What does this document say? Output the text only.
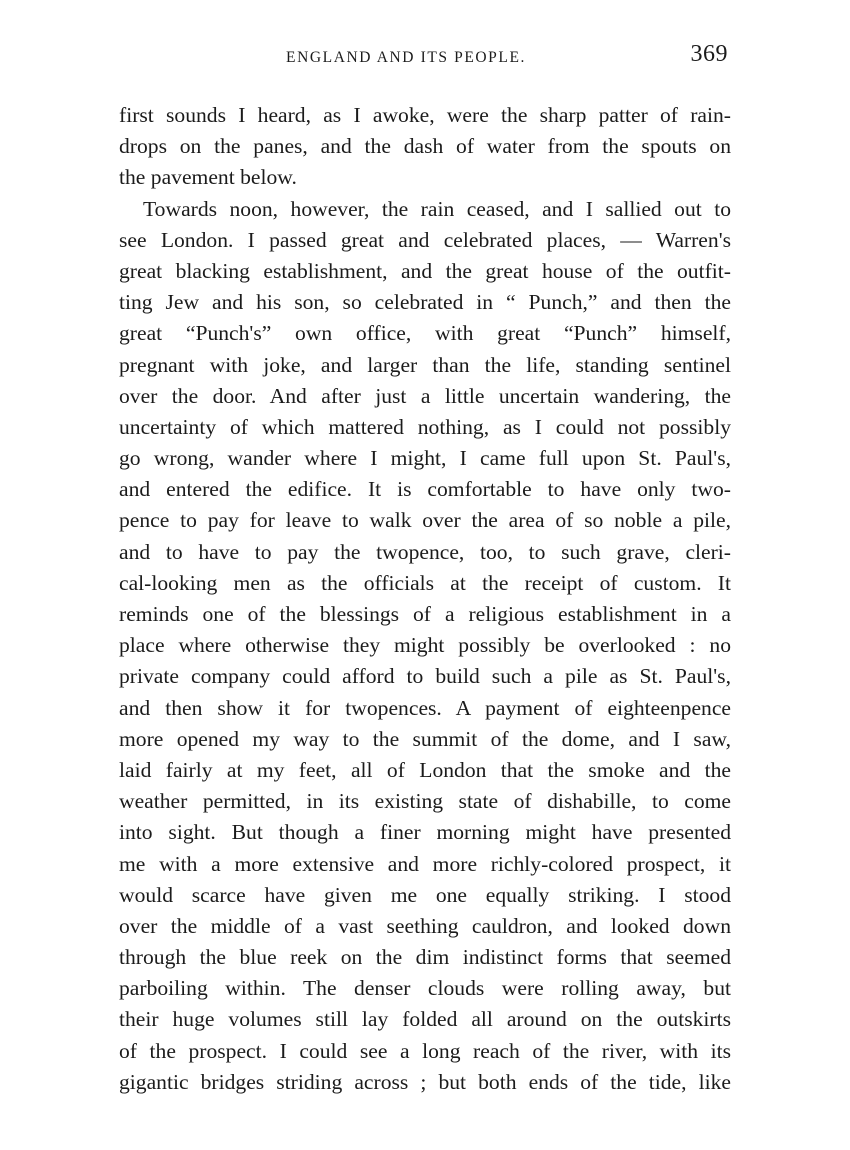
ENGLAND AND ITS PEOPLE.	369

first sounds I heard, as I awoke, were the sharp patter of rain-
drops on the panes, and the dash of water from the spouts on
the pavement below.

Towards noon, however, the rain ceased, and I sallied out to
see London. I passed great and celebrated places, — Warren's
great blacking establishment, and the great house of the outfit-
ting Jew and his son, so celebrated in “ Punch,” and then the
great “Punch's” own office, with great “Punch” himself,
pregnant with joke, and larger than the life, standing sentinel
over the door. And after just a little uncertain wandering, the
uncertainty of which mattered nothing, as I could not possibly
go wrong, wander where I might, I came full upon St. Paul's,
and entered the edifice. It is comfortable to have only two-
pence to pay for leave to walk over the area of so noble a pile,
and to have to pay the twopence, too, to such grave, cleri-
cal-looking men as the officials at the receipt of custom. It
reminds one of the blessings of a religious establishment in a
place where otherwise they might possibly be overlooked : no
private company could afford to build such a pile as St. Paul's,
and then show it for twopences. A payment of eighteenpence
more opened my way to the summit of the dome, and I saw,
laid fairly at my feet, all of London that the smoke and the
weather permitted, in its existing state of dishabille, to come
into sight. But though a finer morning might have presented
me with a more extensive and more richly-colored prospect, it
would scarce have given me one equally striking. I stood
over the middle of a vast seething cauldron, and looked down
through the blue reek on the dim indistinct forms that seemed
parboiling within. The denser clouds were rolling away, but
their huge volumes still lay folded all around on the outskirts
of the prospect. I could see a long reach of the river, with its
gigantic bridges striding across ; but both ends of the tide, like
